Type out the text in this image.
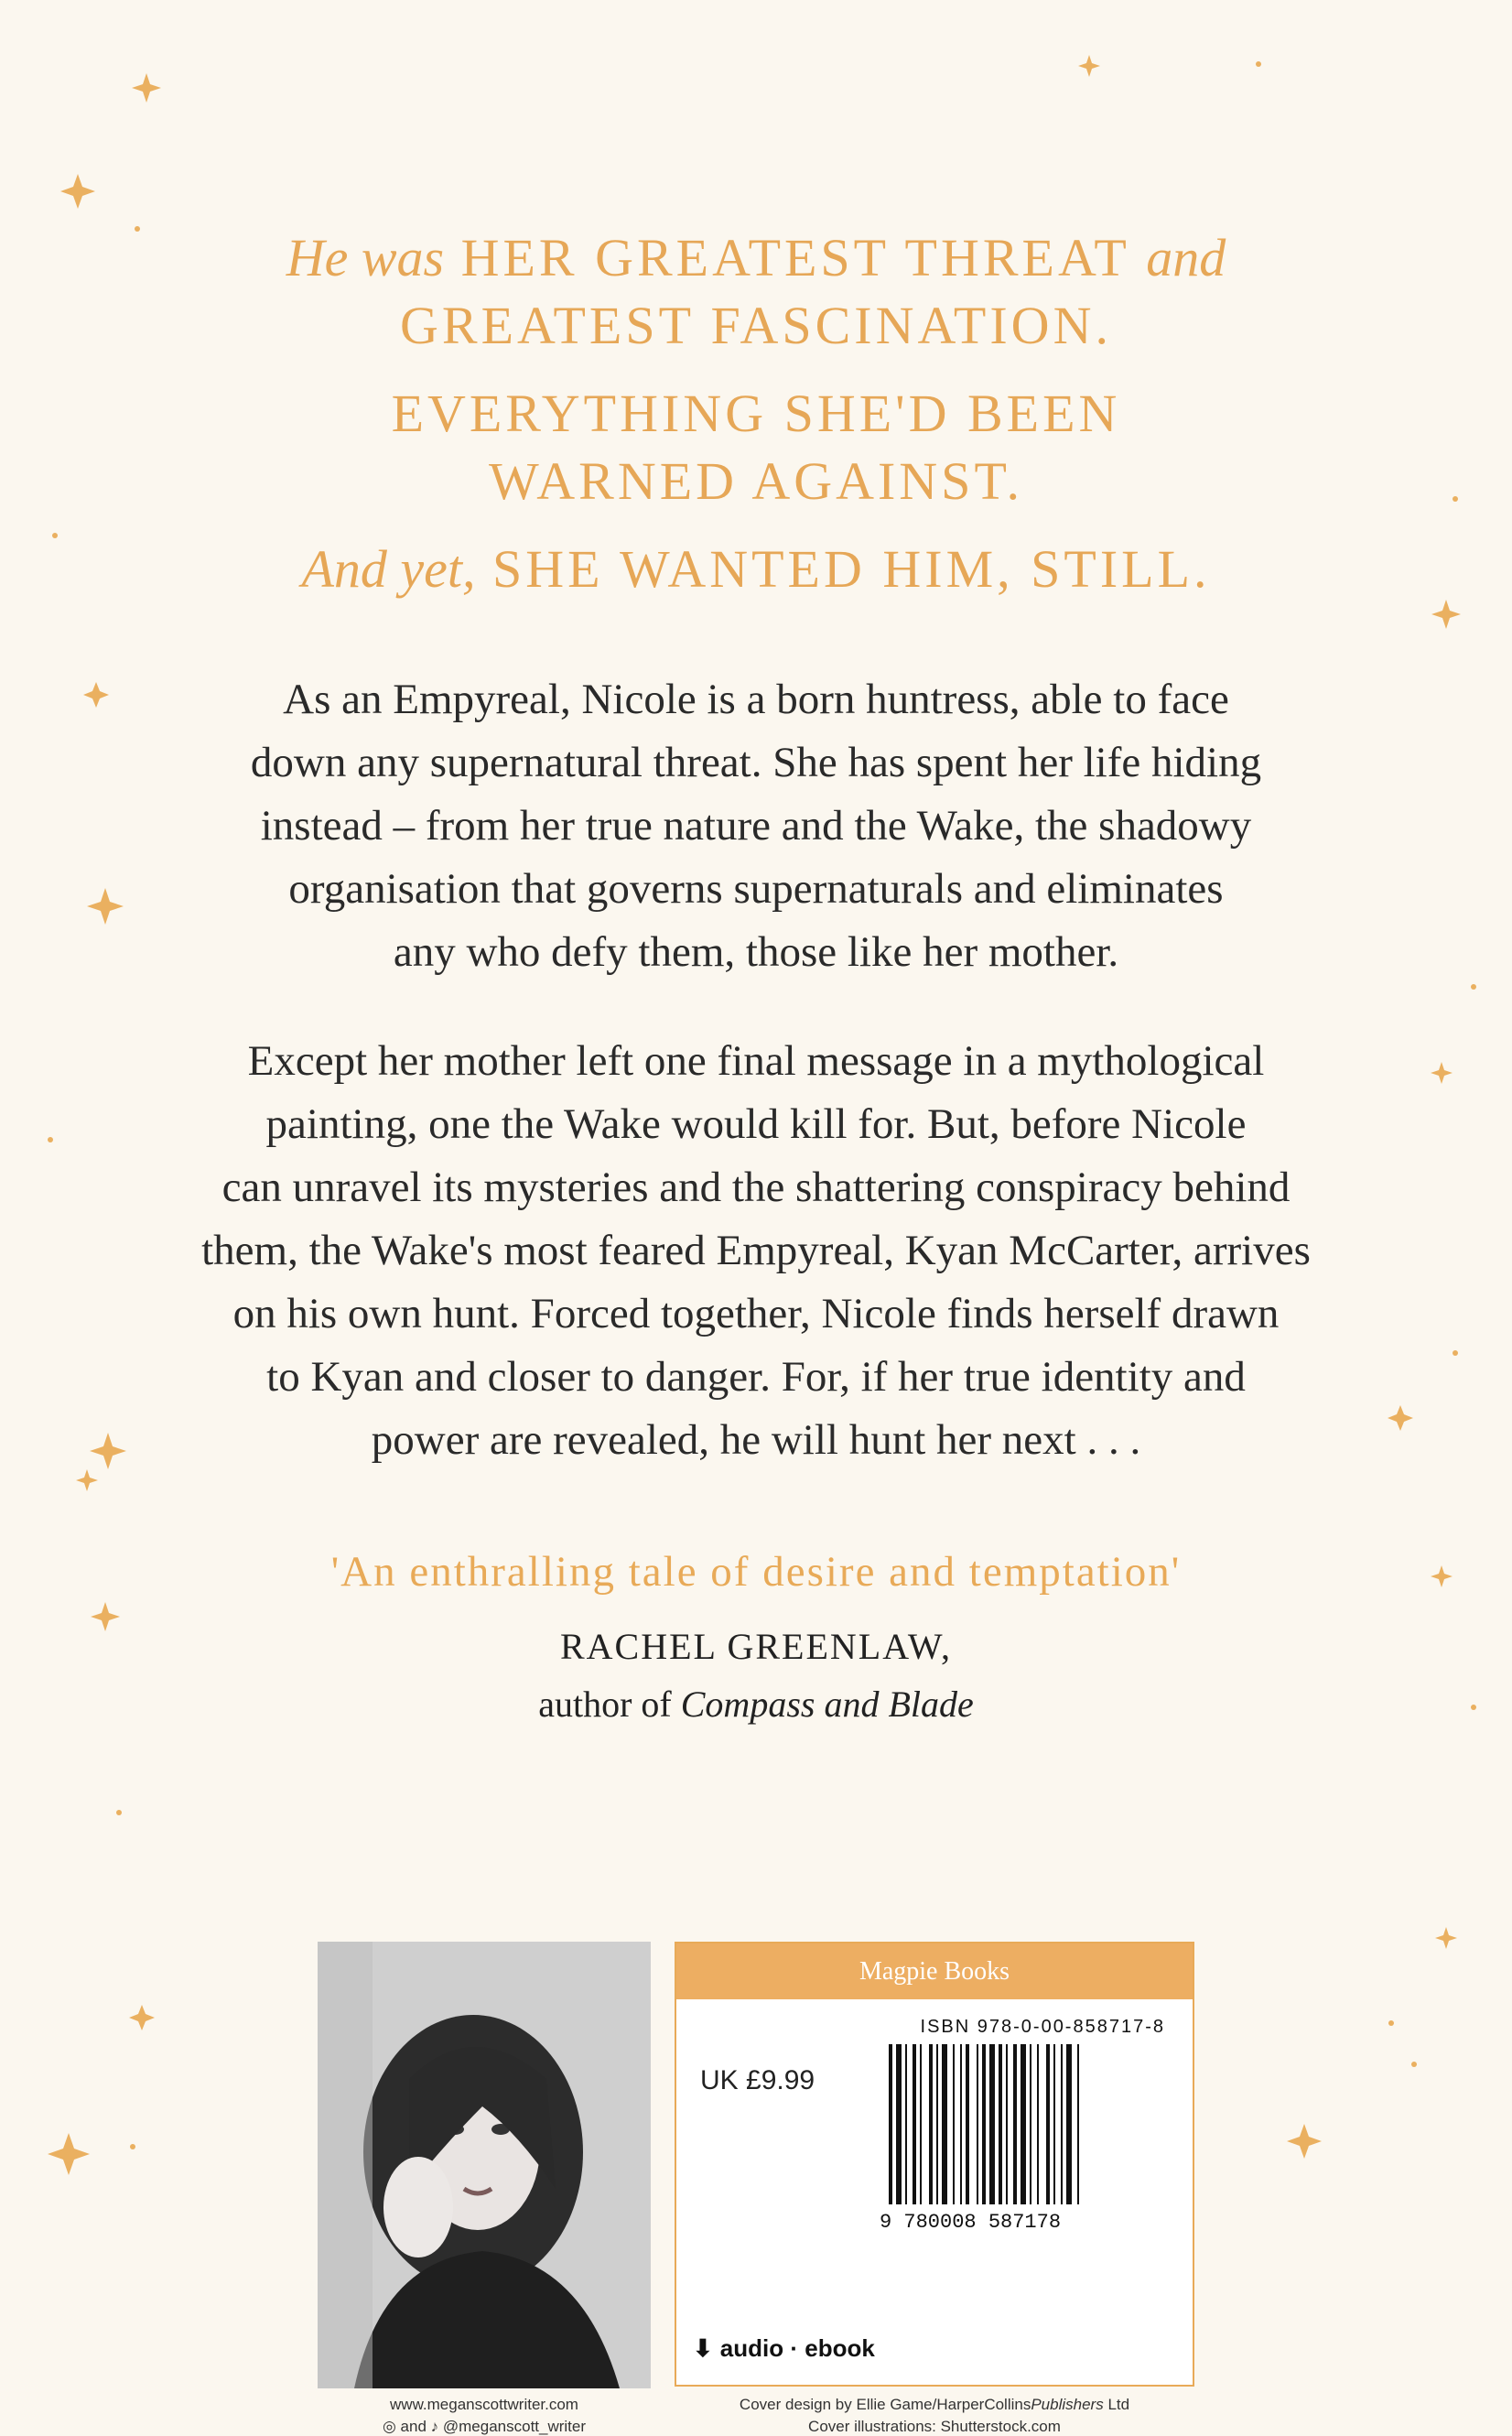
He was HER GREATEST THREAT and

GREATEST FASCINATION.

EVERYTHING SHE'D BEEN

WARNED AGAINST.

And yet, SHE WANTED HIM, STILL.

As an Empyreal, Nicole is a born huntress, able to face

down any supernatural threat. She has spent her life hiding

instead – from her true nature and the Wake, the shadowy

organisation that governs supernaturals and eliminates

any who defy them, those like her mother.

Except her mother left one final message in a mythological

painting, one the Wake would kill for. But, before Nicole

can unravel its mysteries and the shattering conspiracy behind

them, the Wake's most feared Empyreal, Kyan McCarter, arrives

on his own hunt. Forced together, Nicole finds herself drawn

to Kyan and closer to danger. For, if her true identity and

power are revealed, he will hunt her next . . .

'An enthralling tale of desire and temptation'
RACHEL GREENLAW,
author of Compass and Blade
www.meganscottwriter.com
◎ and ♪ @meganscott_writer
Magpie Books
ISBN 978-0-00-858717-8
UK £9.99
9 780008 587178
⬇ audio · ebook
Cover design by Ellie Game/HarperCollinsPublishers Ltd
Cover illustrations: Shutterstock.com
